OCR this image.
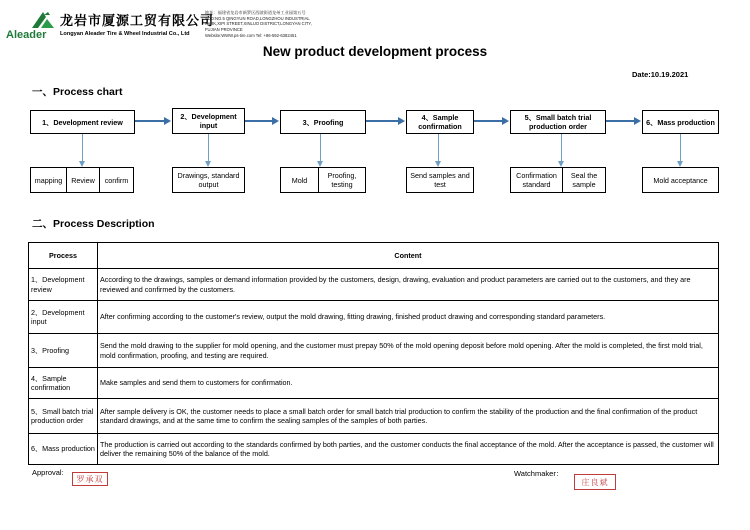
Aleader
龙岩市厦源工贸有限公司
Longyan Aleader Tire & Wheel Industrial Co., Ltd
地址：福建省龙岩市新罗区西陂街道龙州工业园第五号
ADD:NO.5 QINGYUN ROAD,LONGZHOU INDUSTRIAL
PARK,XIPI STREET,XINLUO DISTRICT,LONGYAN CITY,
FUJIAN PROVINCE
Website:WWW.ps-tire.com Tel: +86-592-6382451
New product development process
Date:10.19.2021
一、Process chart
1、Development review
2、Development input	3、Proofing	4、Sample confirmation
5、Small batch trial production order	6、Mass production
mapping	Review	confirm	Drawings, standard output	Mold	Proofing, testing
Send samples and test
Confirmation standard
Seal the sample	Mold acceptance
二、Process Description
Process	Content
1、Development review	According to the drawings, samples or demand information provided by the customers, design, drawing, evaluation and product parameters are carried out to the customers, and they are reviewed and confirmed by the customers.
2、Development input	After confirming according to the customer's review, output the mold drawing, fitting drawing, finished product drawing and corresponding standard parameters.
3、Proofing	Send the mold drawing to the supplier for mold opening, and the customer must prepay 50% of the mold opening deposit before mold opening. After the mold is completed, the first mold trial, mold confirmation, proofing, and testing are required.
4、Sample confirmation	Make samples and send them to customers for confirmation.
5、Small batch trial production order	After sample delivery is OK, the customer needs to place a small batch order for small batch trial production to confirm the stability of the production and the final confirmation of the product standard drawings, and at the same time to confirm the sealing samples of the samples of both parties.
6、Mass production	The production is carried out according to the standards confirmed by both parties, and the customer conducts the final acceptance of the mold. After the acceptance is passed, the customer will deliver the remaining 50% of the balance of the mold.
Approval:
罗承双
Watchmaker：
庄良斌
